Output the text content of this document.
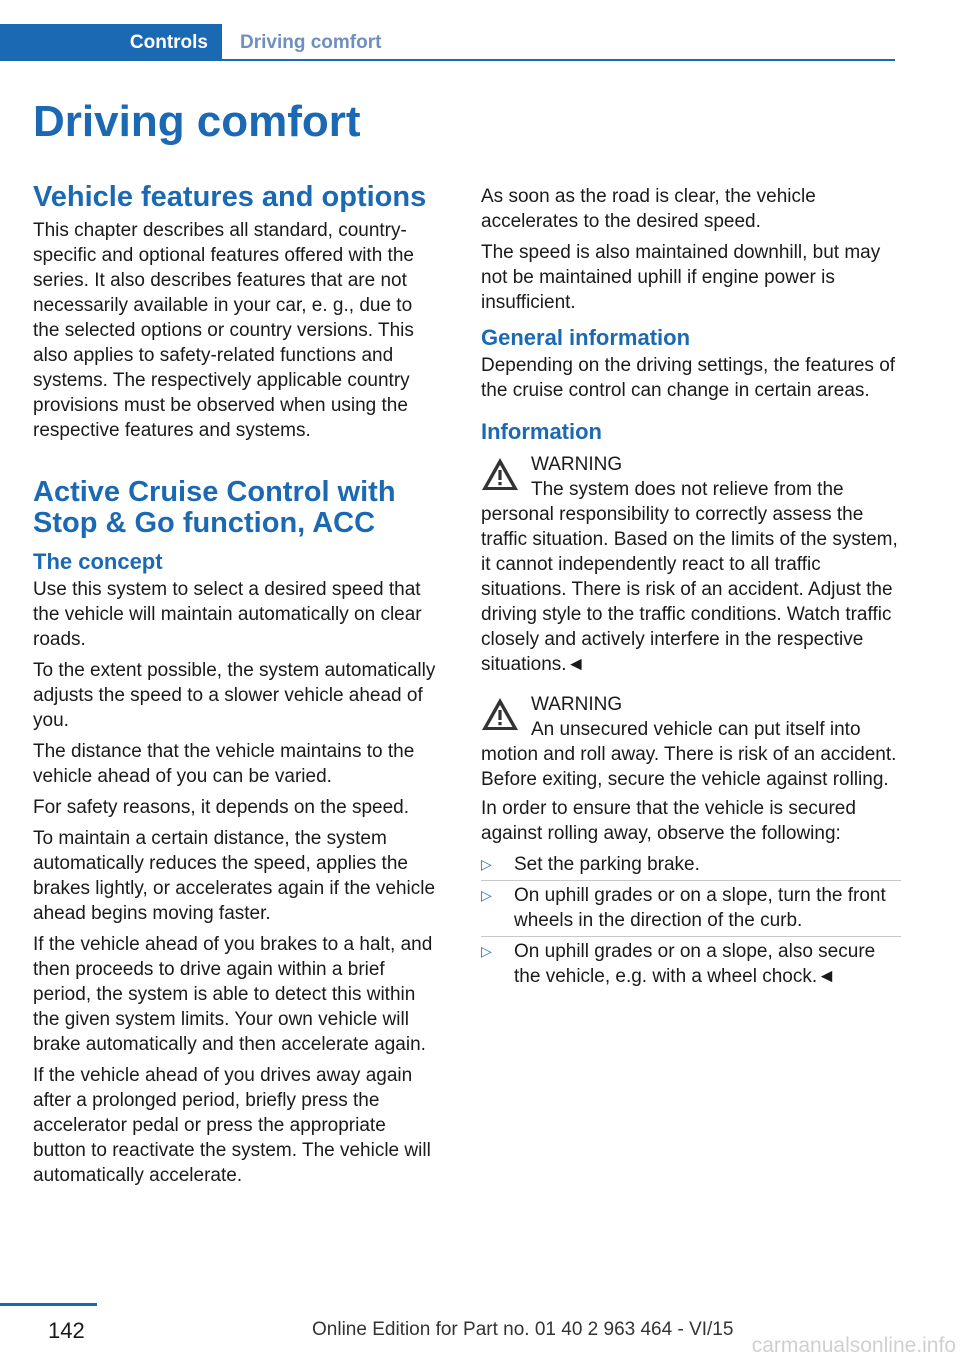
Controls	Driving comfort
Driving comfort
Vehicle features and options

This chapter describes all standard, country-specific and optional features offered with the series. It also describes features that are not necessarily available in your car, e. g., due to the selected options or country versions. This also applies to safety-related functions and systems. The respectively applicable country provisions must be observed when using the respective features and systems.

Active Cruise Control with Stop & Go function, ACC
The concept

Use this system to select a desired speed that the vehicle will maintain automatically on clear roads.

To the extent possible, the system automatically adjusts the speed to a slower vehicle ahead of you.

The distance that the vehicle maintains to the vehicle ahead of you can be varied.

For safety reasons, it depends on the speed.

To maintain a certain distance, the system automatically reduces the speed, applies the brakes lightly, or accelerates again if the vehicle ahead begins moving faster.

If the vehicle ahead of you brakes to a halt, and then proceeds to drive again within a brief period, the system is able to detect this within the given system limits. Your own vehicle will brake automatically and then accelerate again.

If the vehicle ahead of you drives away again after a prolonged period, briefly press the accelerator pedal or press the appropriate button to reactivate the system. The vehicle will automatically accelerate.

As soon as the road is clear, the vehicle accelerates to the desired speed.

The speed is also maintained downhill, but may not be maintained uphill if engine power is insufficient.

General information

Depending on the driving settings, the features of the cruise control can change in certain areas.

Information
WARNING

The system does not relieve from the personal responsibility to correctly assess the traffic situation. Based on the limits of the system, it cannot independently react to all traffic situations. There is risk of an accident. Adjust the driving style to the traffic conditions. Watch traffic closely and actively interfere in the respective situations.◄

WARNING

An unsecured vehicle can put itself into motion and roll away. There is risk of an accident. Before exiting, secure the vehicle against rolling.

In order to ensure that the vehicle is secured against rolling away, observe the following:

▷ Set the parking brake.
▷ On uphill grades or on a slope, turn the front wheels in the direction of the curb.
▷ On uphill grades or on a slope, also secure the vehicle, e.g. with a wheel chock.◄
142	Online Edition for Part no. 01 40 2 963 464 - VI/15
carmanualsonline.info
